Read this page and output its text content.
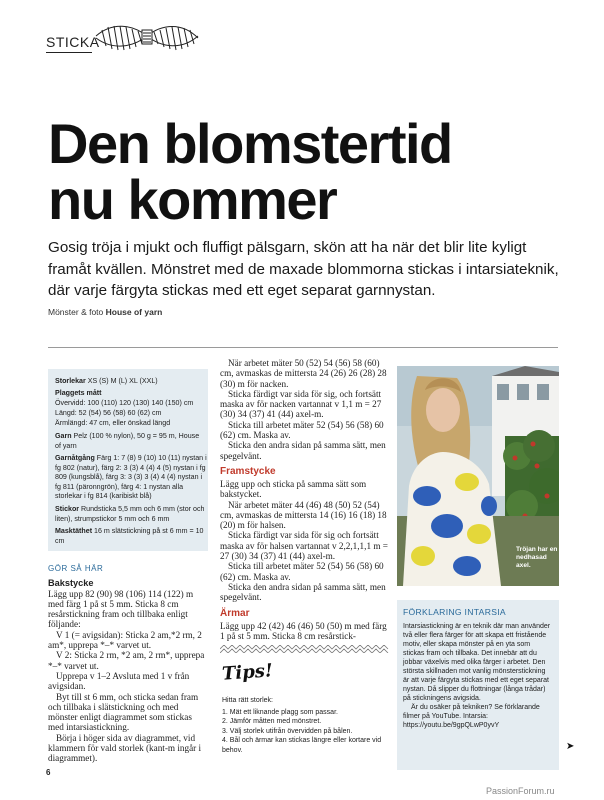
STICKA
Den blomstertid
nu kommer
Gosig tröja i mjukt och fluffigt pälsgarn, skön att ha när det blir lite kyligt framåt kvällen. Mönstret med de maxade blommorna stickas i intarsiateknik, där varje färgyta stickas med ett eget separat garnnystan.
Mönster & foto House of yarn
Storlekar XS (S) M (L) XL (XXL)
Plaggets mått
Övervidd: 100 (110) 120 (130) 140 (150) cm
Längd: 52 (54) 56 (58) 60 (62) cm
Ärmlängd: 47 cm, eller önskad längd
Garn Pelz (100 % nylon), 50 g = 95 m, House of yarn
Garnåtgång Färg 1: 7 (8) 9 (10) 10 (11) nystan i fg 802 (natur), färg 2: 3 (3) 4 (4) 4 (5) nystan i fg 809 (kungsblå), färg 3: 3 (3) 3 (4) 4 (4) nystan i fg 811 (päronngrön), färg 4: 1 nystan alla storlekar i fg 814 (karibiskt blå)
Stickor Rundsticka 5,5 mm och 6 mm (stor och liten), strumpstickor 5 mm och 6 mm
Masktäthet 16 m slätstickning på st 6 mm = 10 cm
GÖR SÅ HÄR
Bakstycke

Lägg upp 82 (90) 98 (106) 114 (122) m med färg 1 på st 5 mm. Sticka 8 cm resårstickning fram och tillbaka enligt följande:

V 1 (= avigsidan): Sticka 2 am,*2 rm, 2 am*, upprepa *–* varvet ut.

V 2: Sticka 2 rm, *2 am, 2 rm*, upprepa *–* varvet ut.

Upprepa v 1–2 Avsluta med 1 v från avigsidan.

Byt till st 6 mm, och sticka sedan fram och tillbaka i slätstickning och med mönster enligt diagrammet som stickas med intarsiastickning.

Börja i höger sida av diagrammet, vid klammern för vald storlek (kant-m ingår i diagrammet).

När arbetet mäter 50 (52) 54 (56) 58 (60) cm, avmaskas de mittersta 24 (26) 26 (28) 28 (30) m för nacken.

Sticka färdigt var sida för sig, och fortsätt maska av för nacken vartannat v 1,1 m = 27 (30) 34 (37) 41 (44) axel-m.

Sticka till arbetet mäter 52 (54) 56 (58) 60 (62) cm. Maska av.

Sticka den andra sidan på samma sätt, men spegelvänt.

Framstycke

Lägg upp och sticka på samma sätt som bakstycket.

När arbetet mäter 44 (46) 48 (50) 52 (54) cm, avmaskas de mittersta 14 (16) 16 (18) 18 (20) m för halsen.

Sticka färdigt var sida för sig och fortsätt maska av för halsen vartannat v 2,2,1,1,1 m = 27 (30) 34 (37) 41 (44) axel-m.

Sticka till arbetet mäter 52 (54) 56 (58) 60 (62) cm. Maska av.

Sticka den andra sidan på samma sätt, men spegelvänt.

Ärmar

Lägg upp 42 (42) 46 (46) 50 (50) m med färg 1 på st 5 mm. Sticka 8 cm resårstick-

Tips!
Hitta rätt storlek:
1. Mät ett liknande plagg som passar.
2. Jämför måtten med mönstret.
3. Välj storlek utifrån övervidden på bålen.
4. Bål och ärmar kan stickas längre eller kortare vid behov.
Tröjan har en nedhasad axel.
FÖRKLARING INTARSIA
Intarsiastickning är en teknik där man använder två eller flera färger för att skapa ett fristående motiv, eller skapa mönster på en yta som stickas fram och tillbaka. Det innebär att du jobbar växelvis med olika färger i arbetet. Den största skillnaden mot vanlig mönsterstickning är att varje färgyta stickas med ett eget separat nystan. Då slipper du flottningar (långa trådar) på stickningens avigsida.
Är du osäker på tekniken? Se förklarande filmer på YouTube. Intarsia:
https://youtu.be/9gpQLwP0yvY
➤
6
PassionForum.ru
